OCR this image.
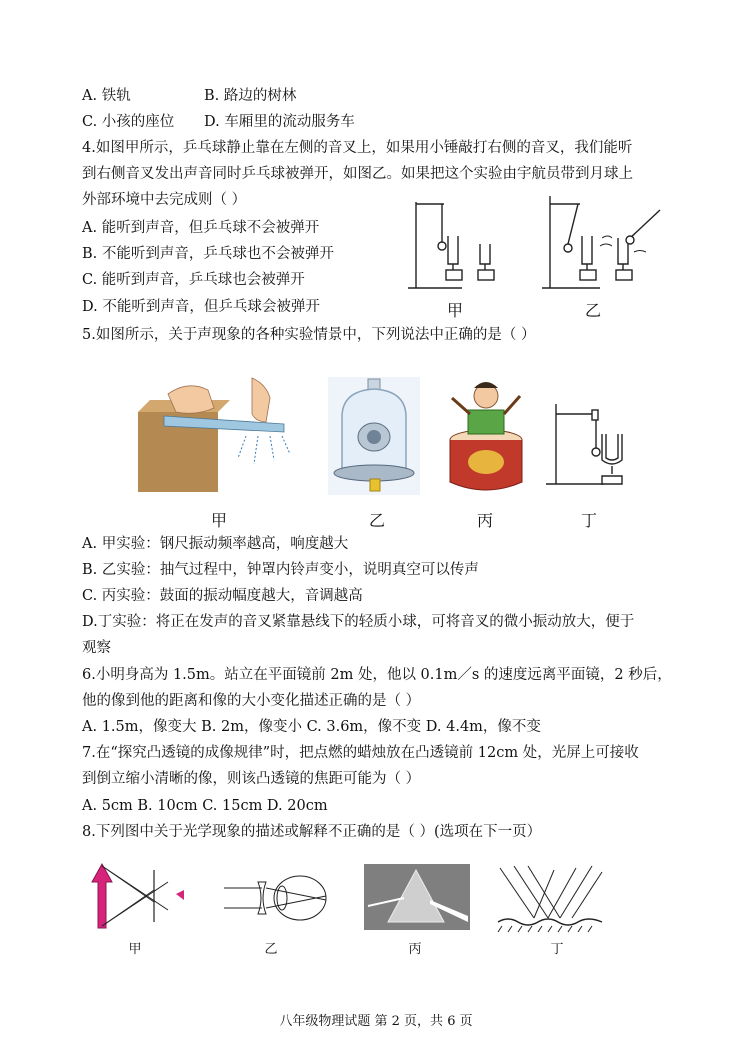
A. 铁轨	B. 路边的树林
C. 小孩的座位 D. 车厢里的流动服务车
4.如图甲所示，乒乓球静止靠在左侧的音叉上，如果用小锤敲打右侧的音叉，我们能听
到右侧音叉发出声音同时乒乓球被弹开，如图乙。如果把这个实验由宇航员带到月球上
外部环境中去完成则（ ）
A. 能听到声音，但乒乓球不会被弹开
B. 不能听到声音，乒乓球也不会被弹开
C. 能听到声音，乒乓球也会被弹开
D. 不能听到声音，但乒乓球会被弹开	甲	乙
5.如图所示，关于声现象的各种实验情景中，下列说法中正确的是（ ）
甲	乙	丙	丁
A. 甲实验：钢尺振动频率越高，响度越大
B. 乙实验：抽气过程中，钟罩内铃声变小，说明真空可以传声
C. 丙实验：鼓面的振动幅度越大，音调越高
D.丁实验：将正在发声的音叉紧靠悬线下的轻质小球，可将音叉的微小振动放大，便于
观察
6.小明身高为 1.5m。站立在平面镜前 2m 处，他以 0.1m／s 的速度远离平面镜，2 秒后，
他的像到他的距离和像的大小变化描述正确的是（ ）
A. 1.5m，像变大 B. 2m，像变小 C. 3.6m，像不变 D. 4.4m，像不变
7.在“探究凸透镜的成像规律”时，把点燃的蜡烛放在凸透镜前 12cm 处，光屏上可接收
到倒立缩小清晰的像，则该凸透镜的焦距可能为（ ）
A. 5cm B. 10cm C. 15cm D. 20cm
8.下列图中关于光学现象的描述或解释不正确的是（ ）(选项在下一页）
甲	乙	丙	丁
八年级物理试题 第 2 页，共 6 页
